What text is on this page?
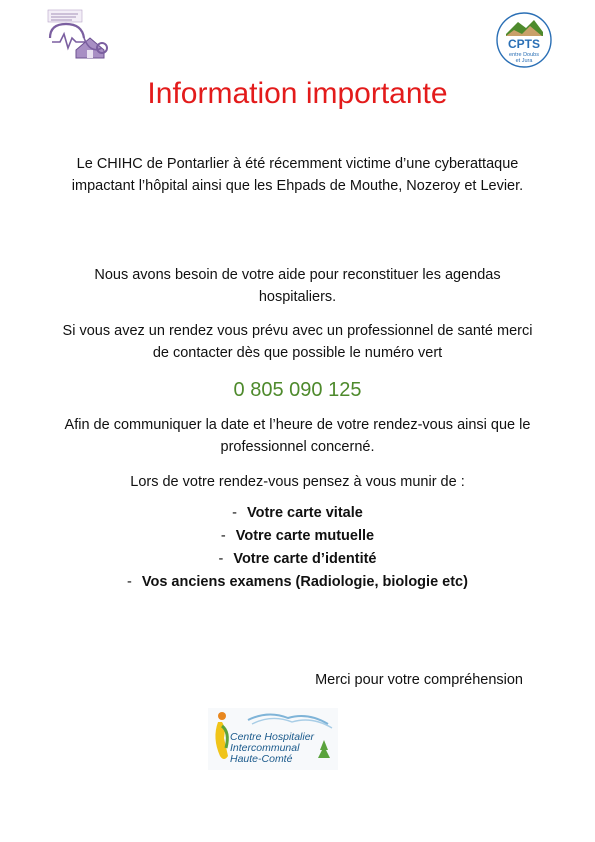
CPTS
entre Doubs
et Jura
Information importante
Le CHIHC de Pontarlier à été récemment victime d’une cyberattaque impactant l’hôpital ainsi que les Ehpads de Mouthe, Nozeroy et Levier.
Nous avons besoin de votre aide pour reconstituer les agendas hospitaliers.
Si vous avez un rendez vous prévu avec un professionnel de santé merci de contacter dès que possible le numéro vert
0 805 090 125
Afin de communiquer la date et l’heure de votre rendez-vous ainsi que le professionnel concerné.
Lors de votre rendez-vous pensez à vous munir de :
- Votre carte vitale
- Votre carte mutuelle
- Votre carte d’identité
- Vos anciens examens (Radiologie, biologie etc)
Merci pour votre compréhension
Centre Hospitalier
Intercommunal
Haute-Comté
